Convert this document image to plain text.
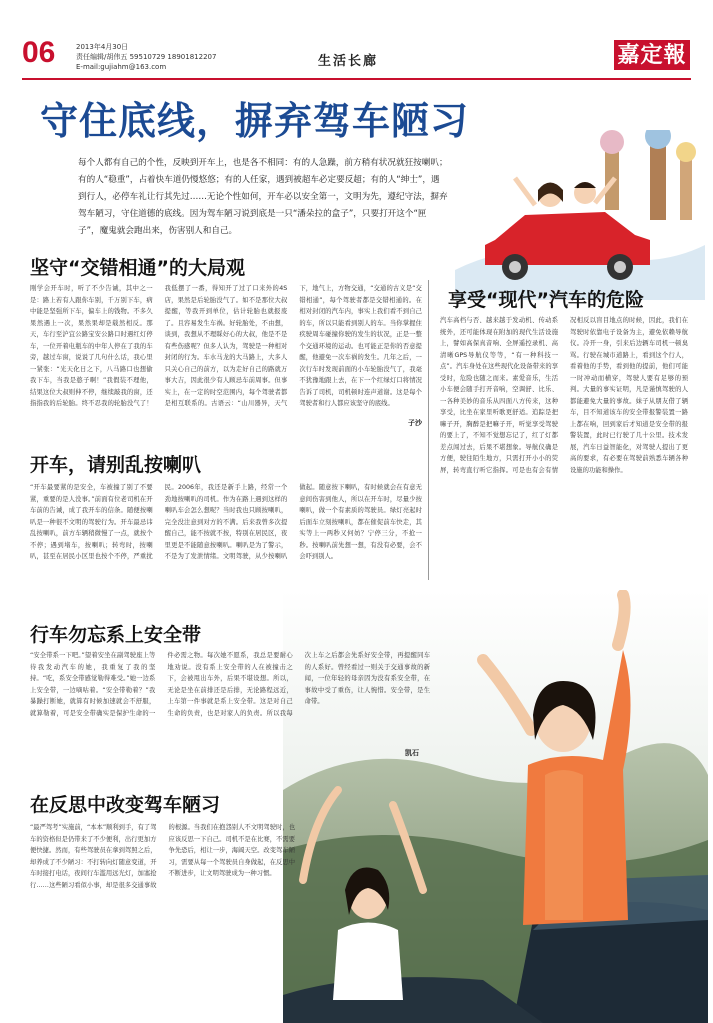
06	2013年4月30日
责任编辑/胡伟五 59510729 18901812207
E-mail:gujiahm@163.com	生活长廊	嘉定報
守住底线，摒弃驾车陋习
每个人都有自己的个性，反映到开车上，也是各不相同：有的人急躁，前方稍有状况就狂按喇叭；有的人“稳重”，占着快车道仍慢悠悠；有的人任家，遇到被超车必定要反超；有的人“绅士”，遇到行人，必停车礼让行其先过……无论个性如何，开车必以安全第一，文明为先，遵纪守法，摒弃驾车陋习，守住道德的底线。因为驾车陋习说到底是一只“潘朵拉的盒子”，只要打开这个“匣子”，魔鬼就会跑出来，伤害别人和自己。
坚守“交错相通”的大局观
刚学会开车时，听了不少告诫，其中之一是：路上若有人跟你车别，千万别下车，病中能是坚强所下车，偏车上的钱物。不多久果然遇上一次，果然果却是载然相反。那天，车行至沪宜公路宝安公路口时遇红灯停车，一位开着电瓶车的中年人停在了我的车旁，越过车窗，说说了几句什么话，我心里一紧张：“光天化日之下，八马路口也想偷我下车，当我是憨子啊！”我假装不理他，结果这位大叔则伸不停，继续敲我的窗，还指指我的后轮胎。终不忍我的轮胎没气了！我低摆了一番，得知开了过了口来外的4S店，果然是后轮胎没气了。如不是那位大叔提醒，等我开到单位，估计轮胎也就报废了。且容易发生车祸。好轮胎处，不由想，谈到，我想从不理睬好心的大叔，他是不是有些伤感呢？但多人认为，驾驶是一种相对封闭的行为。车水马龙的大马路上，大多人只关心自己的前方，以为走好自己的路就万事大吉，因此很少有人顾忌车前周事。但事实上，在一定的时空范围内，每个驾驶者都是相互联系的。古语云：“山川器异，天气下，地气上，方物交通，“交通的古义是“交错相通”，每个驾驶者都是交错相通的。在相对封闭的汽车内，事实上我们看不到自己的车，所以只能看到别人的车。当你掌握住疾驶周车碰撞你驶的发生的状况，正是一整个交通环境的运动。也可能正是你的否意提醒，他避免一次车祸的发生。几年之后，一次行车时发现前面的小车轮胎没气了，我毫不犹豫地跟上去，在下一个红绿灯口将情况告诉了司机，司机顿时连声道谢。这是每个驾驶者和行人都应该坚守的底线。
子沙
享受“现代”汽车的危险
汽车高档与否、越来越于发动机、传动系统外，还可能体现在附加的现代生活设施上，譬如高保真音响、全屏遥控录机、高清晰GPS导航仪等等，“有一种科技一点”。汽车身处在这些现代化设备带来的享受时，危险也随之而来。素爱音乐，生活小车便会随手打开音响，空调舒、比乐、一各种美妙的音乐从四面八方传来，这种享受，比坐在家里听歌更舒适。追踪是把嘛子开，胸醉是把嘛子开，听觉享受驾驶的要上了，不知不觉想忘记了，红了灯都差点闯过去，后果不堪想象。导航仪确是方便，驶往陌生地方，只需打开小小的荧屏，转弯直行听它指挥。可是也有会有情况相反以盲目地点的时候，因此，我们在驾驶时依靠电子设备为主，避免依赖导航仪。冷开一身，引来后边辆车司机一顿臭骂。行驶在城市道路上，看到这个行人，看着他的手势，看到他的提前，他们可能一时冲动而横穿，驾驶人要有足够的预判。大量的事实证明，凡是谨慎驾驶的人都能避免大量的事故。妹子从朋友借了辆车，目不知道该车的安全带报警装置一路上都在响，回到家后才知道是安全带的报警装置，此时已行驶了几十公里。技术发展，汽车日益智能化，对驾驶人提出了更高的要求，有必要在驾驶前熟悉车辆各种设施的功能和操作。
开车，请别乱按喇叭
“开车最要紧的是安全，车被撞了别了不要紧，重要的是人没事。”前面有位老司机在开车前的告诫，成了我开车的信条。随便按喇叭是一种很不文明的驾驶行为。开车最忌讳乱按喇叭，前方车辆稍微慢了一点，就按个不停；遇到堵车，按喇叭；转弯时，按喇叭，甚至在居民小区里也按个不停，严重扰民。2006年，我还是新手上路，经常一个劲地按喇叭的司机。作为在路上遇到这样的喇叭车会怎么想呢？当时我也只顾按喇叭，完全没注意到对方的不满。后来我曾多次提醒自己，能不按就不按，特别在居民区，夜里更是不能随意按喇叭。喇叭是为了警示，不是为了发泄情绪。文明驾驶，从少按喇叭做起。随意按下喇叭，有时候就会在有意无意间伤害到他人，所以在开车时，尽量少按喇叭，做一个有素质的驾驶员。绿灯亮起时后面车立刻按喇叭，都在催促前车快走，其实等上一两秒又何妨？宁停三分，不抢一秒。按喇叭前先想一想，有没有必要，会不会吓到别人。
行车勿忘系上安全带
“安全带系一下吧。”望着安坐在副驾驶座上等待我发动汽车的她，我重复了我的坚持。“吃，系安全带感觉勒得难受。”她一边系上安全带，一边嘀咕着。“安全带勒着？”我暴躁打断她，就算有时候加速就会不舒服，就算勒着，可是安全带确实是保护生命的一件必需之物。每次她不愿系，我总是要耐心地劝说。没有系上安全带的人在被撞击之下，会被甩出车外，后果不堪设想。所以，无论是坐在前排还是后排，无论路程远近，上车第一件事就是系上安全带。这是对自己生命的负责，也是对家人的负责。所以我每次上车之后都会先系好安全带，再提醒同车的人系好。曾经看过一则关于交通事故的新闻，一位年轻的母亲因为没有系安全带，在事故中受了重伤，让人惋惜。安全带，是生命带。
凯石
在反思中改变驾车陋习
“最严驾考”实施前，“本本”顺利到手，有了驾车的资格但是仍带来了不少便利，出行更加方便快捷。然而，有些驾驶员在拿到驾照之后，却养成了不少陋习：不打转向灯随意变道，开车时接打电话，夜间行车滥用远光灯，加塞抢行……这些陋习看似小事，却是很多交通事故的根源。当我们在抱怨别人不文明驾驶时，也应该反思一下自己。司机不是在比赛，不需要争先恐后，相让一步，海阔天空。改变驾车陋习，需要从每一个驾驶员自身做起，在反思中不断进步，让文明驾驶成为一种习惯。
